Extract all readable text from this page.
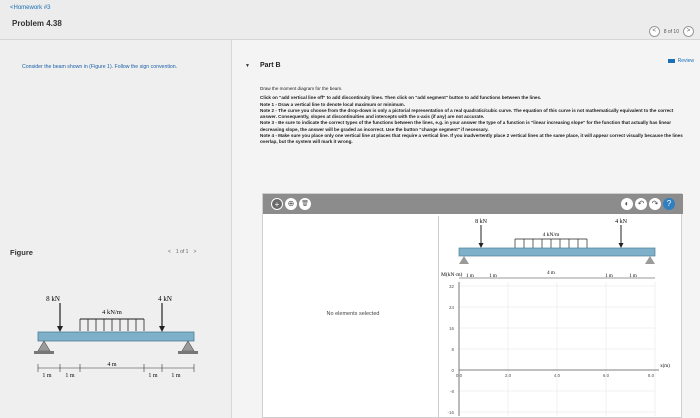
<Homework #3
Problem 4.38
<	8 of 10	>
Consider the beam shown in (Figure 1). Follow the sign convention.
Figure	< 1 of 1 >
8 kN	4 kN
4 kN/m
1 m 1 m
4 m
1 m 1 m
Review
▼ Part B

Draw the moment diagram for the beam.

Click on "add vertical line off" to add discontinuity lines. Then click on "add segment" button to add functions between the lines.

Note 1 - Draw a vertical line to denote local maximum or minimum.

Note 2 - The curve you choose from the drop-down is only a pictorial representation of a real quadratic/cubic curve. The equation of this curve is not mathematically equivalent to the correct answer. Consequently, slopes at discontinuities and intercepts with the x-axis (if any) are not accurate.

Note 3 - Be sure to indicate the correct types of the functions between the lines, e.g. in your answer the type of a function is "linear increasing slope" for the function that actually has linear decreasing slope, the answer will be graded as incorrect. Use the button "change segment" if necessary.

Note 4 - Make sure you place only one vertical line at places that require a vertical line. If you inadvertently place 2 vertical lines at the same place, it will appear correct visually because the lines overlap, but the system will mark it wrong.

+	⊕	🗑	◐	↶ ↷	?
No elements selected
8 kN	4 kN
4 kN/m
M(kN·m) 1 m	1 m
4 m
1 m	1 m
32
24
16
8
0
-8
-16
0.0	2.0	4.0	6.0	8.0
x(m)
